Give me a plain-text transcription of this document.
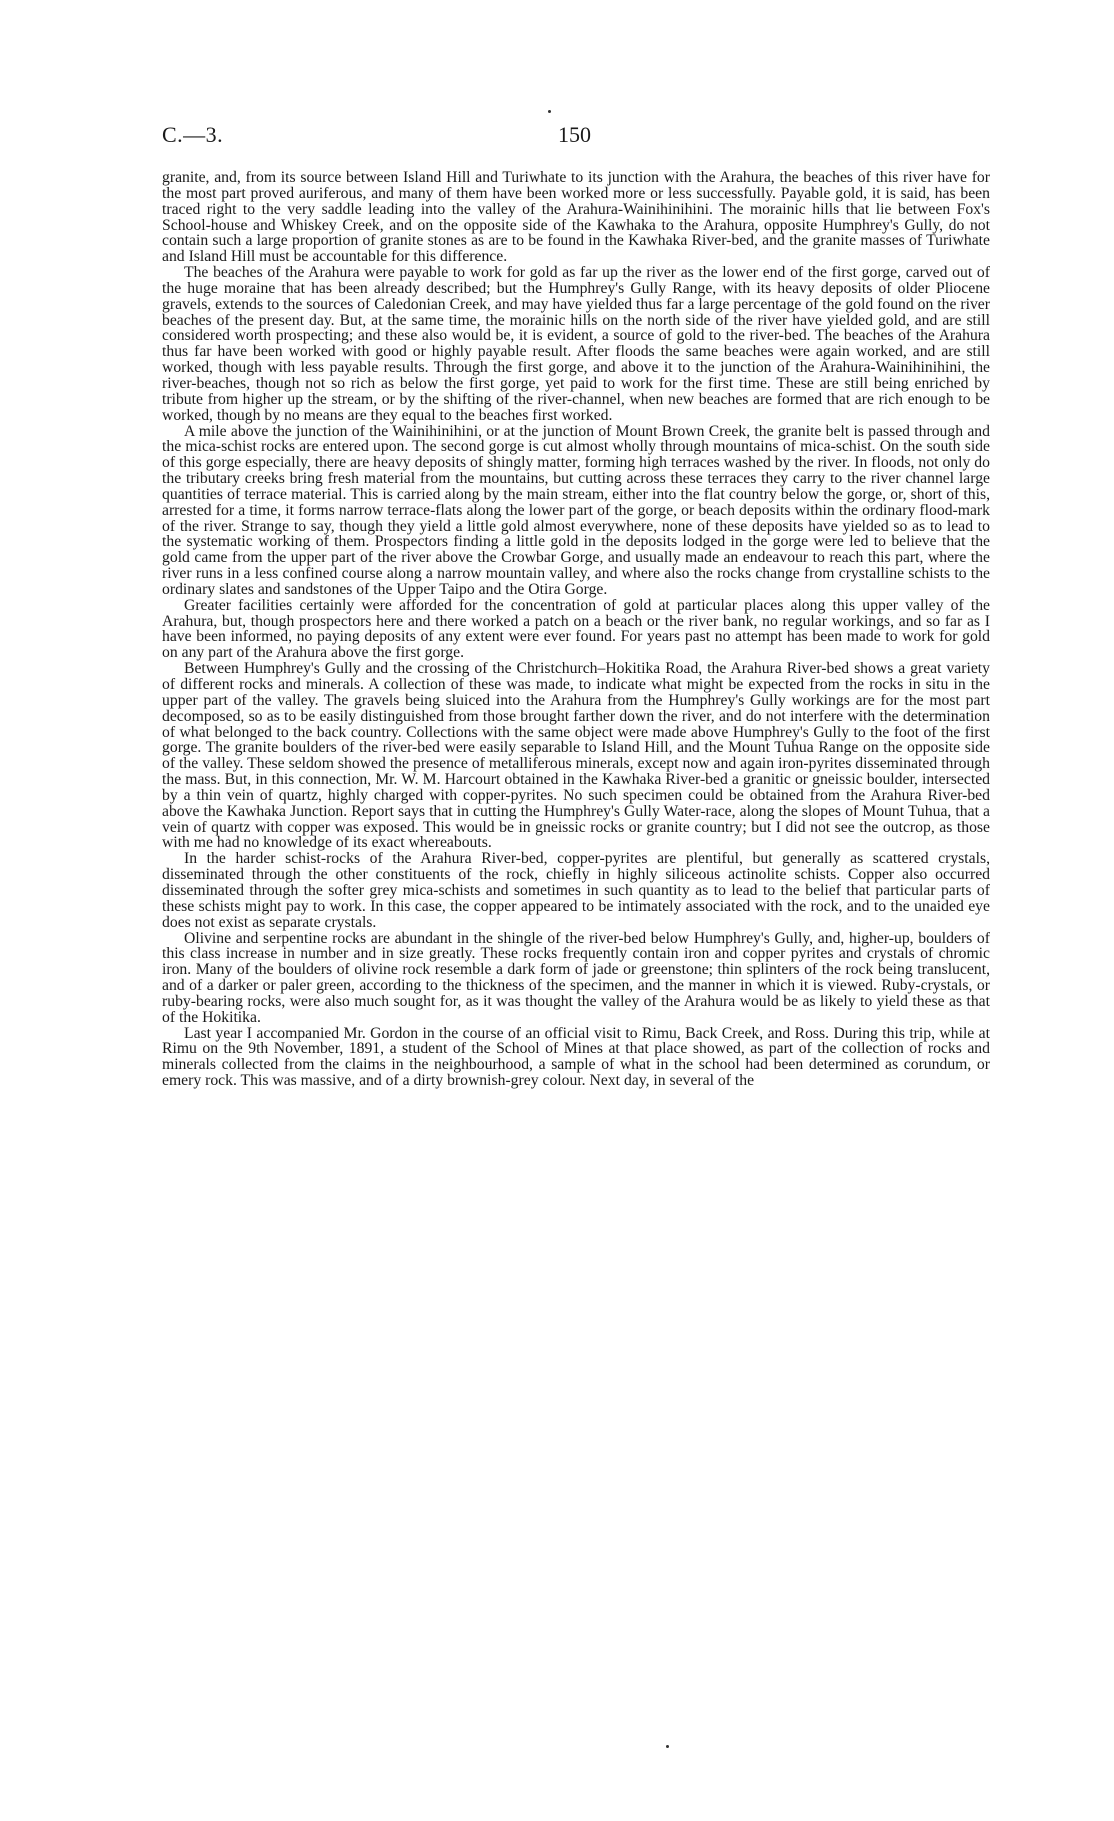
C.—3.	150

granite, and, from its source between Island Hill and Turiwhate to its junction with the Arahura, the beaches of this river have for the most part proved auriferous, and many of them have been worked more or less successfully. Payable gold, it is said, has been traced right to the very saddle leading into the valley of the Arahura-Wainihinihini. The morainic hills that lie between Fox's School-house and Whiskey Creek, and on the opposite side of the Kawhaka to the Arahura, opposite Humphrey's Gully, do not contain such a large proportion of granite stones as are to be found in the Kawhaka River-bed, and the granite masses of Turiwhate and Island Hill must be accountable for this difference.

The beaches of the Arahura were payable to work for gold as far up the river as the lower end of the first gorge, carved out of the huge moraine that has been already described; but the Humphrey's Gully Range, with its heavy deposits of older Pliocene gravels, extends to the sources of Caledonian Creek, and may have yielded thus far a large percentage of the gold found on the river beaches of the present day. But, at the same time, the morainic hills on the north side of the river have yielded gold, and are still considered worth prospecting; and these also would be, it is evident, a source of gold to the river-bed. The beaches of the Arahura thus far have been worked with good or highly payable result. After floods the same beaches were again worked, and are still worked, though with less payable results. Through the first gorge, and above it to the junction of the Arahura-Wainihinihini, the river-beaches, though not so rich as below the first gorge, yet paid to work for the first time. These are still being enriched by tribute from higher up the stream, or by the shifting of the river-channel, when new beaches are formed that are rich enough to be worked, though by no means are they equal to the beaches first worked.

A mile above the junction of the Wainihinihini, or at the junction of Mount Brown Creek, the granite belt is passed through and the mica-schist rocks are entered upon. The second gorge is cut almost wholly through mountains of mica-schist. On the south side of this gorge especially, there are heavy deposits of shingly matter, forming high terraces washed by the river. In floods, not only do the tributary creeks bring fresh material from the mountains, but cutting across these terraces they carry to the river channel large quantities of terrace material. This is carried along by the main stream, either into the flat country below the gorge, or, short of this, arrested for a time, it forms narrow terrace-flats along the lower part of the gorge, or beach deposits within the ordinary flood-mark of the river. Strange to say, though they yield a little gold almost everywhere, none of these deposits have yielded so as to lead to the systematic working of them. Prospectors finding a little gold in the deposits lodged in the gorge were led to believe that the gold came from the upper part of the river above the Crowbar Gorge, and usually made an endeavour to reach this part, where the river runs in a less confined course along a narrow mountain valley, and where also the rocks change from crystalline schists to the ordinary slates and sandstones of the Upper Taipo and the Otira Gorge.

Greater facilities certainly were afforded for the concentration of gold at particular places along this upper valley of the Arahura, but, though prospectors here and there worked a patch on a beach or the river bank, no regular workings, and so far as I have been informed, no paying deposits of any extent were ever found. For years past no attempt has been made to work for gold on any part of the Arahura above the first gorge.

Between Humphrey's Gully and the crossing of the Christchurch–Hokitika Road, the Arahura River-bed shows a great variety of different rocks and minerals. A collection of these was made, to indicate what might be expected from the rocks in situ in the upper part of the valley. The gravels being sluiced into the Arahura from the Humphrey's Gully workings are for the most part decomposed, so as to be easily distinguished from those brought farther down the river, and do not interfere with the determination of what belonged to the back country. Collections with the same object were made above Humphrey's Gully to the foot of the first gorge. The granite boulders of the river-bed were easily separable to Island Hill, and the Mount Tuhua Range on the opposite side of the valley. These seldom showed the presence of metalliferous minerals, except now and again iron-pyrites disseminated through the mass. But, in this connection, Mr. W. M. Harcourt obtained in the Kawhaka River-bed a granitic or gneissic boulder, intersected by a thin vein of quartz, highly charged with copper-pyrites. No such specimen could be obtained from the Arahura River-bed above the Kawhaka Junction. Report says that in cutting the Humphrey's Gully Water-race, along the slopes of Mount Tuhua, that a vein of quartz with copper was exposed. This would be in gneissic rocks or granite country; but I did not see the outcrop, as those with me had no knowledge of its exact whereabouts.

In the harder schist-rocks of the Arahura River-bed, copper-pyrites are plentiful, but generally as scattered crystals, disseminated through the other constituents of the rock, chiefly in highly siliceous actinolite schists. Copper also occurred disseminated through the softer grey mica-schists and sometimes in such quantity as to lead to the belief that particular parts of these schists might pay to work. In this case, the copper appeared to be intimately associated with the rock, and to the unaided eye does not exist as separate crystals.

Olivine and serpentine rocks are abundant in the shingle of the river-bed below Humphrey's Gully, and, higher-up, boulders of this class increase in number and in size greatly. These rocks frequently contain iron and copper pyrites and crystals of chromic iron. Many of the boulders of olivine rock resemble a dark form of jade or greenstone; thin splinters of the rock being translucent, and of a darker or paler green, according to the thickness of the specimen, and the manner in which it is viewed. Ruby-crystals, or ruby-bearing rocks, were also much sought for, as it was thought the valley of the Arahura would be as likely to yield these as that of the Hokitika.

Last year I accompanied Mr. Gordon in the course of an official visit to Rimu, Back Creek, and Ross. During this trip, while at Rimu on the 9th November, 1891, a student of the School of Mines at that place showed, as part of the collection of rocks and minerals collected from the claims in the neighbourhood, a sample of what in the school had been determined as corundum, or emery rock. This was massive, and of a dirty brownish-grey colour. Next day, in several of the
